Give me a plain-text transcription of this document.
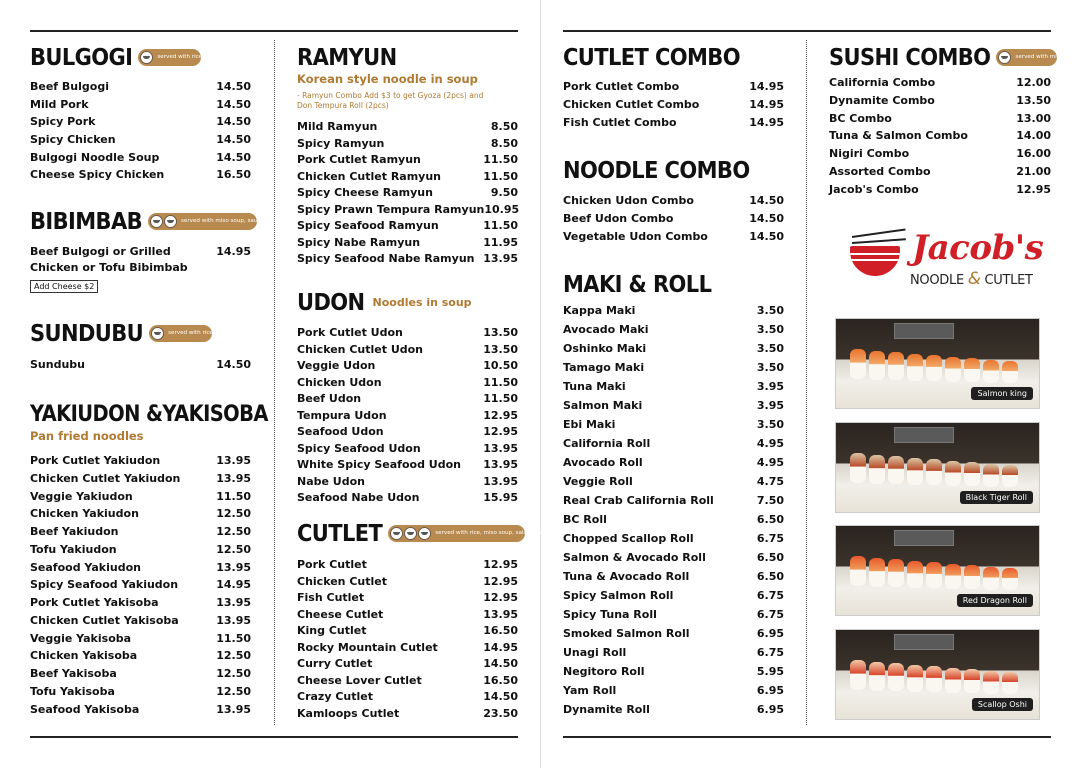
BULGOGI	served with rice
Beef Bulgogi	14.50
Mild Pork	14.50
Spicy Pork	14.50
Spicy Chicken	14.50
Bulgogi Noodle Soup	14.50
Cheese Spicy Chicken	16.50
BIBIMBAB	served with miso soup, sauce (spicy or soy)
Beef Bulgogi or Grilled	14.95
Chicken or Tofu Bibimbab
Add Cheese $2
SUNDUBU	served with rice
Sundubu	14.50
YAKIUDON &YAKISOBA
Pan fried noodles
Pork Cutlet Yakiudon	13.95
Chicken Cutlet Yakiudon	13.95
Veggie Yakiudon	11.50
Chicken Yakiudon	12.50
Beef Yakiudon	12.50
Tofu Yakiudon	12.50
Seafood Yakiudon	13.95
Spicy Seafood Yakiudon	14.95
Pork Cutlet Yakisoba	13.95
Chicken Cutlet Yakisoba	13.95
Veggie Yakisoba	11.50
Chicken Yakisoba	12.50
Beef Yakisoba	12.50
Tofu Yakisoba	12.50
Seafood Yakisoba	13.95
RAMYUN
Korean style noodle in soup
- Ramyun Combo Add $3 to get Gyoza (2pcs) and Don Tempura Roll (2pcs)
Mild Ramyun	8.50
Spicy Ramyun	8.50
Pork Cutlet Ramyun	11.50
Chicken Cutlet Ramyun	11.50
Spicy Cheese Ramyun	9.50
Spicy Prawn Tempura Ramyun 10.95
Spicy Seafood Ramyun	11.50
Spicy Nabe Ramyun	11.95
Spicy Seafood Nabe Ramyun 13.95
UDON Noodles in soup
Pork Cutlet Udon	13.50
Chicken Cutlet Udon	13.50
Veggie Udon	10.50
Chicken Udon	11.50
Beef Udon	11.50
Tempura Udon	12.95
Seafood Udon	12.95
Spicy Seafood Udon	13.95
White Spicy Seafood Udon 13.95
Nabe Udon	13.95
Seafood Nabe Udon	15.95
CUTLET	served with rice, miso soup, salad & sauce
Pork Cutlet	12.95
Chicken Cutlet	12.95
Fish Cutlet	12.95
Cheese Cutlet	13.95
King Cutlet	16.50
Rocky Mountain Cutlet	14.95
Curry Cutlet	14.50
Cheese Lover Cutlet	16.50
Crazy Cutlet	14.50
Kamloops Cutlet	23.50
CUTLET COMBO
Pork Cutlet Combo	14.95
Chicken Cutlet Combo	14.95
Fish Cutlet Combo	14.95
NOODLE COMBO
Chicken Udon Combo	14.50
Beef Udon Combo	14.50
Vegetable Udon Combo	14.50
MAKI & ROLL
Kappa Maki	3.50
Avocado Maki	3.50
Oshinko Maki	3.50
Tamago Maki	3.50
Tuna Maki	3.95
Salmon Maki	3.95
Ebi Maki	3.50
California Roll	4.95
Avocado Roll	4.95
Veggie Roll	4.75
Real Crab California Roll	7.50
BC Roll	6.50
Chopped Scallop Roll	6.75
Salmon & Avocado Roll	6.50
Tuna & Avocado Roll	6.50
Spicy Salmon Roll	6.75
Spicy Tuna Roll	6.75
Smoked Salmon Roll	6.95
Unagi Roll	6.75
Negitoro Roll	5.95
Yam Roll	6.95
Dynamite Roll	6.95
SUSHI COMBO	served with miso soup
California Combo	12.00
Dynamite Combo	13.50
BC Combo	13.00
Tuna & Salmon Combo	14.00
Nigiri Combo	16.00
Assorted Combo	21.00
Jacob's Combo	12.95
Jacob's
NOODLE & CUTLET
Salmon king
Black Tiger Roll
Red Dragon Roll
Scallop Oshi
